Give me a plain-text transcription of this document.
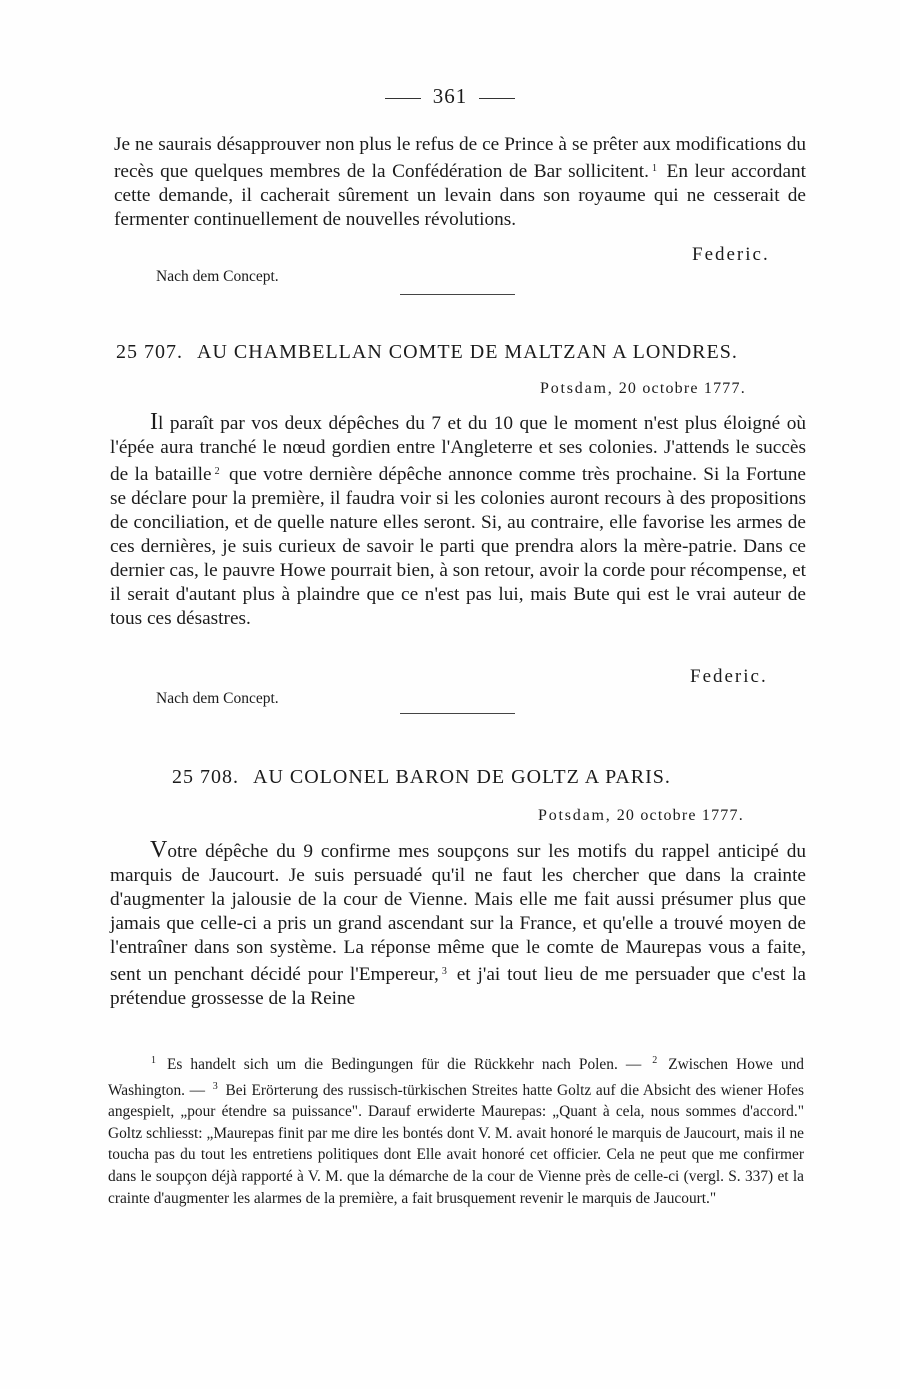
361

Je ne saurais désapprouver non plus le refus de ce Prince à se prêter aux modifications du recès que quelques membres de la Confédération de Bar sollicitent. $^1$ En leur accordant cette demande, il cacherait sûrement un levain dans son royaume qui ne cesserait de fermenter continuellement de nouvelles révolutions.

Federic.
Nach dem Concept.
25 707. AU CHAMBELLAN COMTE DE MALTZAN A LONDRES.
Potsdam, 20 octobre 1777.

Il paraît par vos deux dépêches du 7 et du 10 que le moment n'est plus éloigné où l'épée aura tranché le nœud gordien entre l'Angleterre et ses colonies. J'attends le succès de la bataille $^2$ que votre dernière dépêche annonce comme très prochaine. Si la Fortune se déclare pour la première, il faudra voir si les colonies auront recours à des propositions de conciliation, et de quelle nature elles seront. Si, au contraire, elle favorise les armes de ces dernières, je suis curieux de savoir le parti que prendra alors la mère-patrie. Dans ce dernier cas, le pauvre Howe pourrait bien, à son retour, avoir la corde pour récompense, et il serait d'autant plus à plaindre que ce n'est pas lui, mais Bute qui est le vrai auteur de tous ces désastres.

Federic.
Nach dem Concept.
25 708. AU COLONEL BARON DE GOLTZ A PARIS.
Potsdam, 20 octobre 1777.

Votre dépêche du 9 confirme mes soupçons sur les motifs du rappel anticipé du marquis de Jaucourt. Je suis persuadé qu'il ne faut les chercher que dans la crainte d'augmenter la jalousie de la cour de Vienne. Mais elle me fait aussi présumer plus que jamais que celle-ci a pris un grand ascendant sur la France, et qu'elle a trouvé moyen de l'entraîner dans son système. La réponse même que le comte de Maurepas vous a faite, sent un penchant décidé pour l'Empereur, $^3$ et j'ai tout lieu de me persuader que c'est la prétendue grossesse de la Reine

$^1$ Es handelt sich um die Bedingungen für die Rückkehr nach Polen. — $^2$ Zwischen Howe und Washington. — $^3$ Bei Erörterung des russisch-türkischen Streites hatte Goltz auf die Absicht des wiener Hofes angespielt, „pour étendre sa puissance". Darauf erwiderte Maurepas: „Quant à cela, nous sommes d'accord." Goltz schliesst: „Maurepas finit par me dire les bontés dont V. M. avait honoré le marquis de Jaucourt, mais il ne toucha pas du tout les entretiens politiques dont Elle avait honoré cet officier. Cela ne peut que me confirmer dans le soupçon déjà rapporté à V. M. que la démarche de la cour de Vienne près de celle-ci (vergl. S. 337) et la crainte d'augmenter les alarmes de la première, a fait brusquement revenir le marquis de Jaucourt."
